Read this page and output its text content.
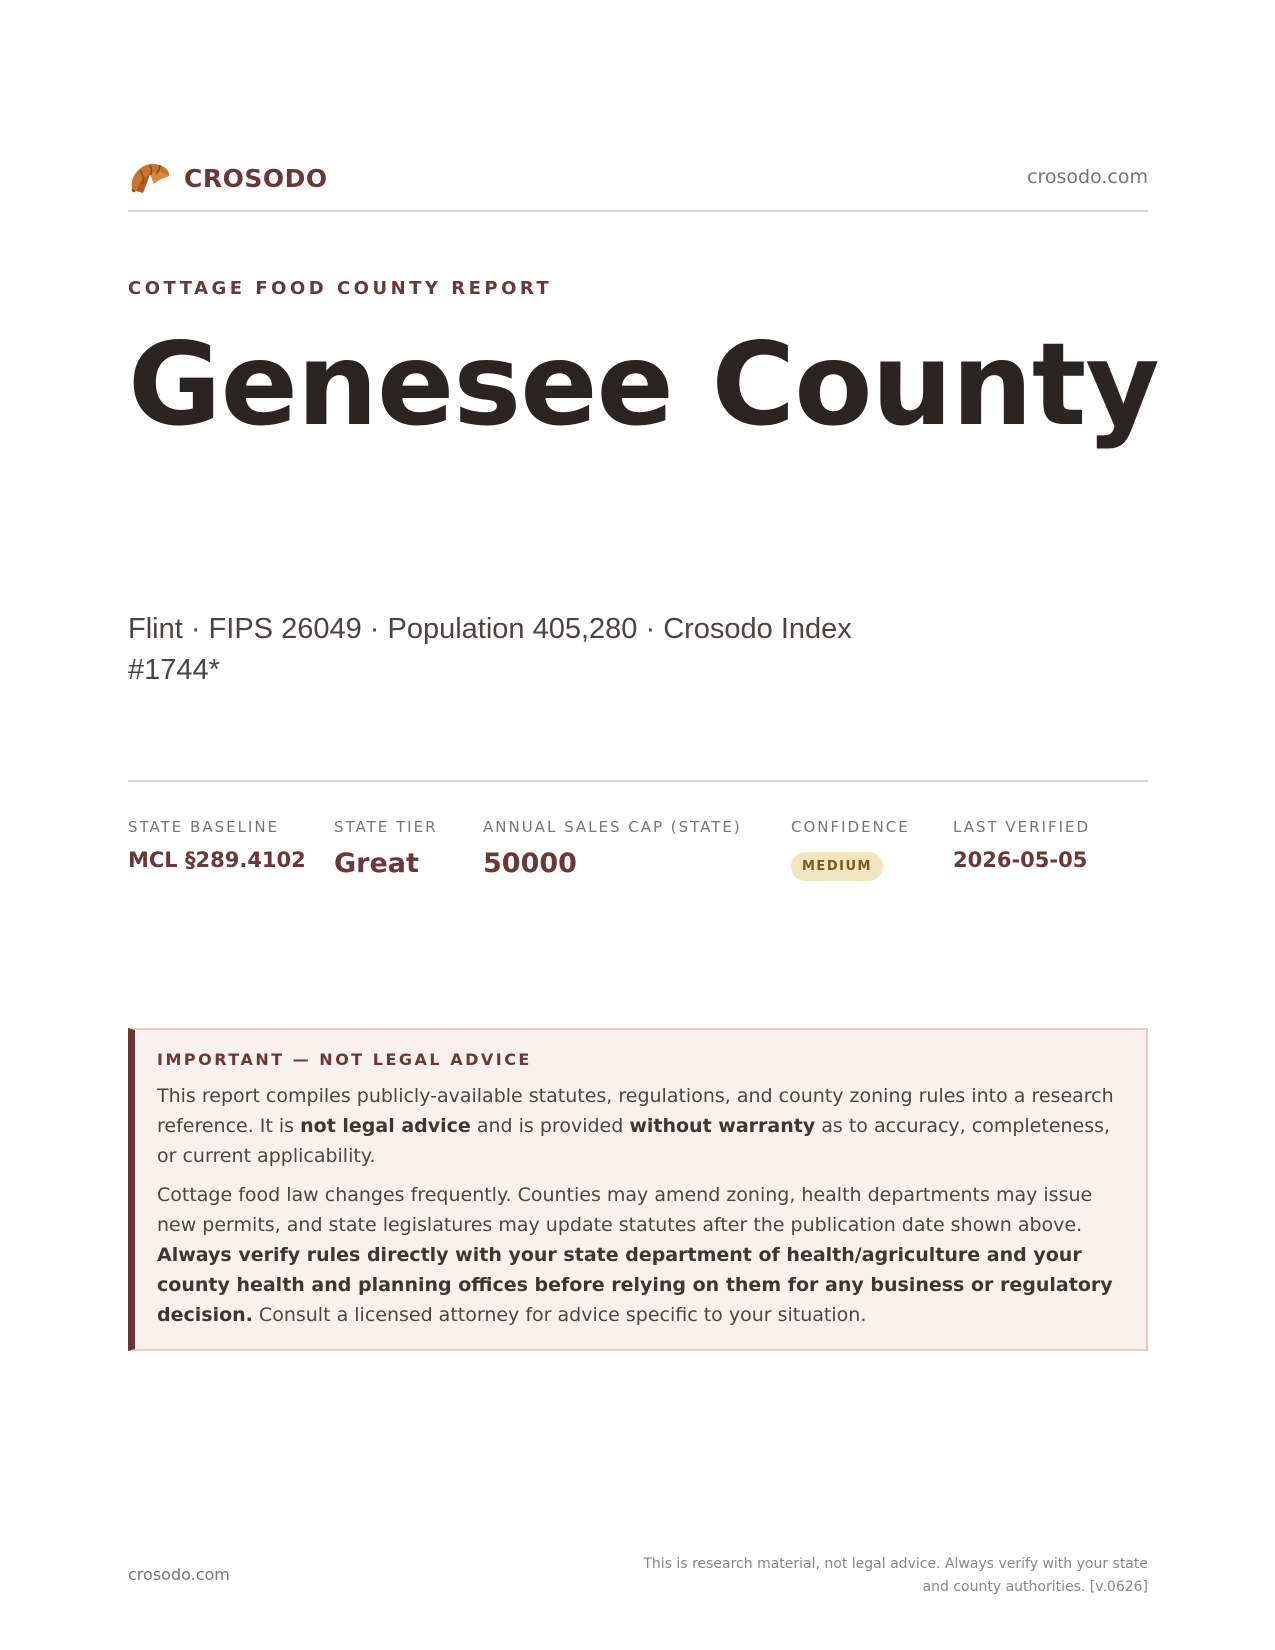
CROSODO	crosodo.com
COTTAGE FOOD COUNTY REPORT
Genesee County
Flint · FIPS 26049 · Population 405,280 · Crosodo Index #1744*
STATE BASELINE
MCL §289.4102
STATE TIER
Great
ANNUAL SALES CAP (STATE)
50000
CONFIDENCE
MEDIUM
LAST VERIFIED
2026-05-05
IMPORTANT — NOT LEGAL ADVICE

This report compiles publicly-available statutes, regulations, and county zoning rules into a research reference. It is not legal advice and is provided without warranty as to accuracy, completeness, or current applicability.

Cottage food law changes frequently. Counties may amend zoning, health departments may issue new permits, and state legislatures may update statutes after the publication date shown above. Always verify rules directly with your state department of health/agriculture and your county health and planning offices before relying on them for any business or regulatory decision. Consult a licensed attorney for advice specific to your situation.

crosodo.com
This is research material, not legal advice. Always verify with your state and county authorities. [v.0626]
